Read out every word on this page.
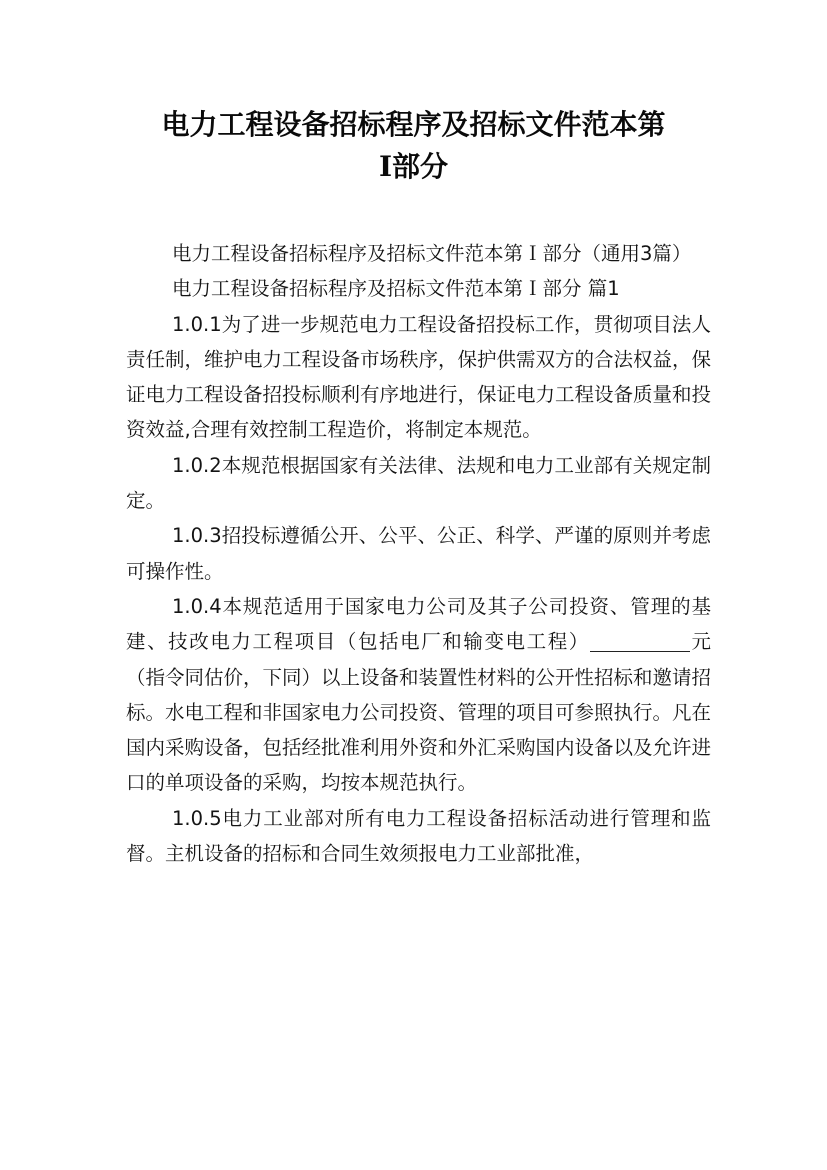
电力工程设备招标程序及招标文件范本第
I部分

电力工程设备招标程序及招标文件范本第Ｉ部分（通用3篇）

电力工程设备招标程序及招标文件范本第Ｉ部分 篇1

1.0.1为了进一步规范电力工程设备招投标工作，贯彻项目法人责任制，维护电力工程设备市场秩序，保护供需双方的合法权益，保证电力工程设备招投标顺利有序地进行，保证电力工程设备质量和投资效益,合理有效控制工程造价，将制定本规范。

1.0.2本规范根据国家有关法律、法规和电力工业部有关规定制定。

1.0.3招投标遵循公开、公平、公正、科学、严谨的原则并考虑可操作性。

1.0.4本规范适用于国家电力公司及其子公司投资、管理的基建、技改电力工程项目（包括电厂和输变电工程）	元（指令同估价，下同）以上设备和装置性材料的公开性招标和邀请招标。水电工程和非国家电力公司投资、管理的项目可参照执行。凡在国内采购设备，包括经批准利用外资和外汇采购国内设备以及允许进口的单项设备的采购，均按本规范执行。

1.0.5电力工业部对所有电力工程设备招标活动进行管理和监督。主机设备的招标和合同生效须报电力工业部批准，
